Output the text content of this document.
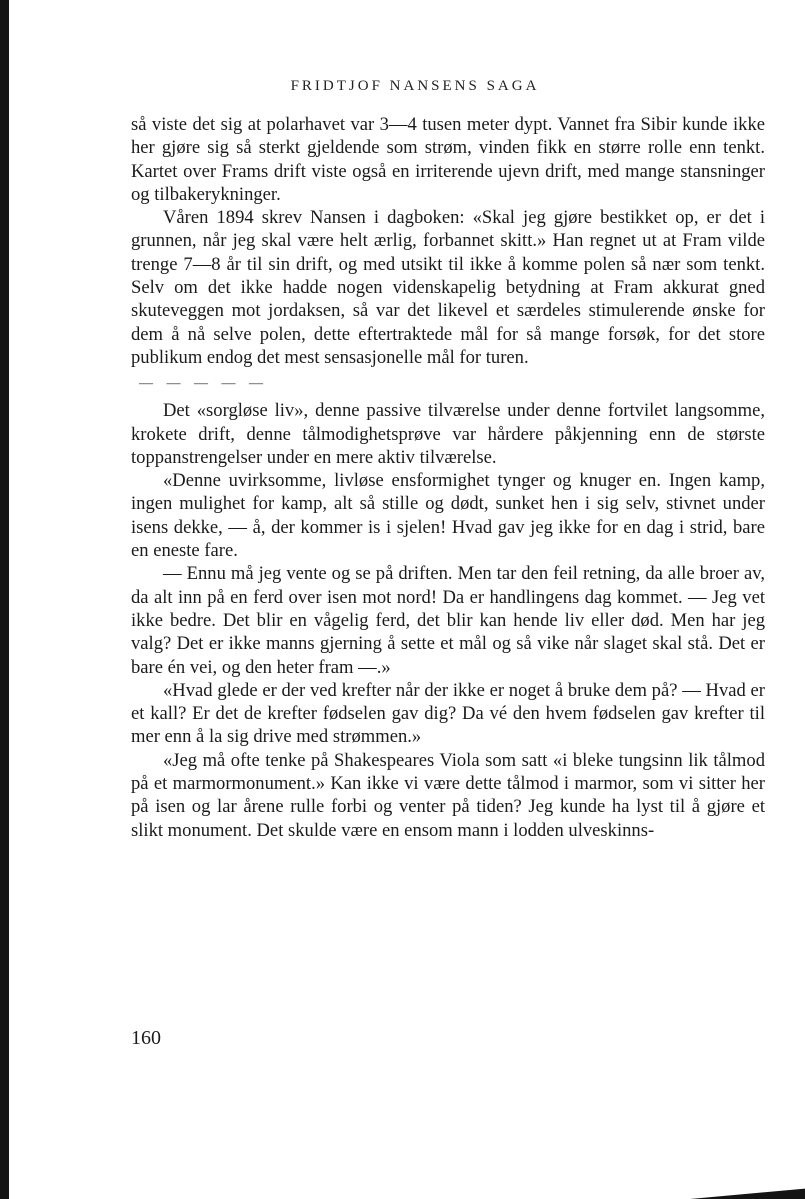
FRIDTJOF NANSENS SAGA

så viste det sig at polarhavet var 3—4 tusen meter dypt. Vannet fra Sibir kunde ikke her gjøre sig så sterkt gjeldende som strøm, vinden fikk en større rolle enn tenkt. Kartet over Frams drift viste også en irriterende ujevn drift, med mange stansninger og tilbakerykninger.

Våren 1894 skrev Nansen i dagboken: «Skal jeg gjøre bestikket op, er det i grunnen, når jeg skal være helt ærlig, forbannet skitt.» Han regnet ut at Fram vilde trenge 7—8 år til sin drift, og med utsikt til ikke å komme polen så nær som tenkt. Selv om det ikke hadde nogen videnskapelig betydning at Fram akkurat gned skuteveggen mot jordaksen, så var det likevel et særdeles stimulerende ønske for dem å nå selve polen, dette eftertraktede mål for så mange forsøk, for det store publikum endog det mest sensasjonelle mål for turen.

— — — — —

Det «sorgløse liv», denne passive tilværelse under denne fortvilet langsomme, krokete drift, denne tålmodighetsprøve var hårdere påkjenning enn de største toppanstrengelser under en mere aktiv tilværelse.

«Denne uvirksomme, livløse ensformighet tynger og knuger en. Ingen kamp, ingen mulighet for kamp, alt så stille og dødt, sunket hen i sig selv, stivnet under isens dekke, — å, der kommer is i sjelen! Hvad gav jeg ikke for en dag i strid, bare en eneste fare.

— Ennu må jeg vente og se på driften. Men tar den feil retning, da alle broer av, da alt inn på en ferd over isen mot nord! Da er handlingens dag kommet. — Jeg vet ikke bedre. Det blir en vågelig ferd, det blir kan hende liv eller død. Men har jeg valg? Det er ikke manns gjerning å sette et mål og så vike når slaget skal stå. Det er bare én vei, og den heter fram —.»

«Hvad glede er der ved krefter når der ikke er noget å bruke dem på? — Hvad er et kall? Er det de krefter fødselen gav dig? Da vé den hvem fødselen gav krefter til mer enn å la sig drive med strømmen.»

«Jeg må ofte tenke på Shakespeares Viola som satt «i bleke tungsinn lik tålmod på et marmormonument.» Kan ikke vi være dette tålmod i marmor, som vi sitter her på isen og lar årene rulle forbi og venter på tiden? Jeg kunde ha lyst til å gjøre et slikt monument. Det skulde være en ensom mann i lodden ulveskinns-

160
